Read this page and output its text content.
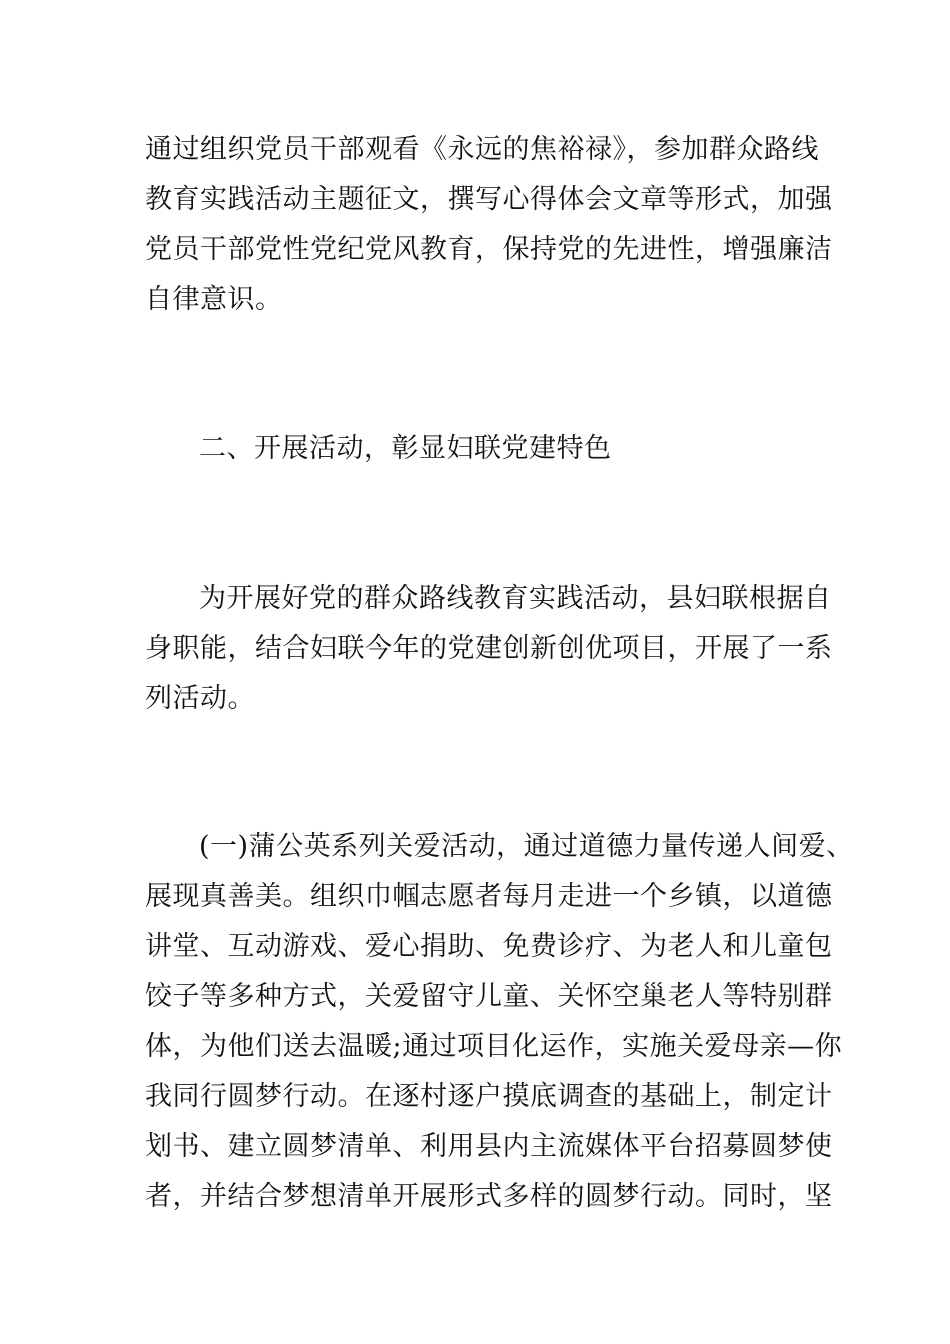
通过组织党员干部观看《永远的焦裕禄》，参加群众路线
教育实践活动主题征文，撰写心得体会文章等形式，加强
党员干部党性党纪党风教育，保持党的先进性，增强廉洁
自律意识。
二、开展活动，彰显妇联党建特色
为开展好党的群众路线教育实践活动，县妇联根据自
身职能，结合妇联今年的党建创新创优项目，开展了一系
列活动。
(一)蒲公英系列关爱活动，通过道德力量传递人间爱、
展现真善美。组织巾帼志愿者每月走进一个乡镇，以道德
讲堂、互动游戏、爱心捐助、免费诊疗、为老人和儿童包
饺子等多种方式，关爱留守儿童、关怀空巢老人等特别群
体，为他们送去温暖;通过项目化运作，实施关爱母亲—你
我同行圆梦行动。在逐村逐户摸底调查的基础上，制定计
划书、建立圆梦清单、利用县内主流媒体平台招募圆梦使
者，并结合梦想清单开展形式多样的圆梦行动。同时，坚
